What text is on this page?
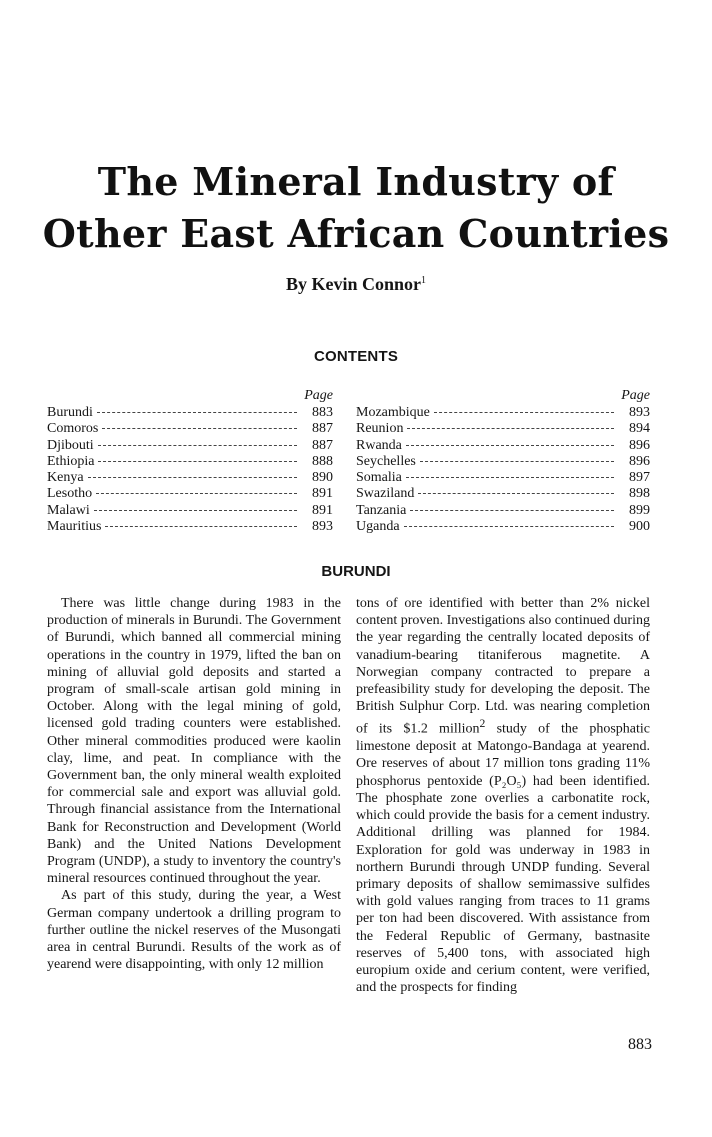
The Mineral Industry of
Other East African Countries
By Kevin Connor$^1$
CONTENTS
Page
Burundi	883
Comoros	887
Djibouti	887
Ethiopia	888
Kenya	890
Lesotho	891
Malawi	891
Mauritius	893
Page
Mozambique	893
Reunion	894
Rwanda	896
Seychelles	896
Somalia	897
Swaziland	898
Tanzania	899
Uganda	900
BURUNDI

There was little change during 1983 in the production of minerals in Burundi. The Government of Burundi, which banned all commercial mining operations in the country in 1979, lifted the ban on mining of alluvial gold deposits and started a program of small-scale artisan gold mining in October. Along with the legal mining of gold, licensed gold trading counters were established. Other mineral commodities produced were kaolin clay, lime, and peat. In compliance with the Government ban, the only mineral wealth exploited for commercial sale and export was alluvial gold. Through financial assistance from the International Bank for Reconstruction and Development (World Bank) and the United Nations Development Program (UNDP), a study to inventory the country's mineral resources continued throughout the year.

As part of this study, during the year, a West German company undertook a drilling program to further outline the nickel reserves of the Musongati area in central Burundi. Results of the work as of yearend were disappointing, with only 12 million

tons of ore identified with better than 2% nickel content proven. Investigations also continued during the year regarding the centrally located deposits of vanadium-bearing titaniferous magnetite. A Norwegian company contracted to prepare a prefeasibility study for developing the deposit. The British Sulphur Corp. Ltd. was nearing completion of its $1.2 million$^2$ study of the phosphatic limestone deposit at Matongo-Bandaga at yearend. Ore reserves of about 17 million tons grading 11% phosphorus pentoxide (P₂O₅) had been identified. The phosphate zone overlies a carbonatite rock, which could provide the basis for a cement industry. Additional drilling was planned for 1984. Exploration for gold was underway in 1983 in northern Burundi through UNDP funding. Several primary deposits of shallow semimassive sulfides with gold values ranging from traces to 11 grams per ton had been discovered. With assistance from the Federal Republic of Germany, bastnasite reserves of 5,400 tons, with associated high europium oxide and cerium content, were verified, and the prospects for finding

883
